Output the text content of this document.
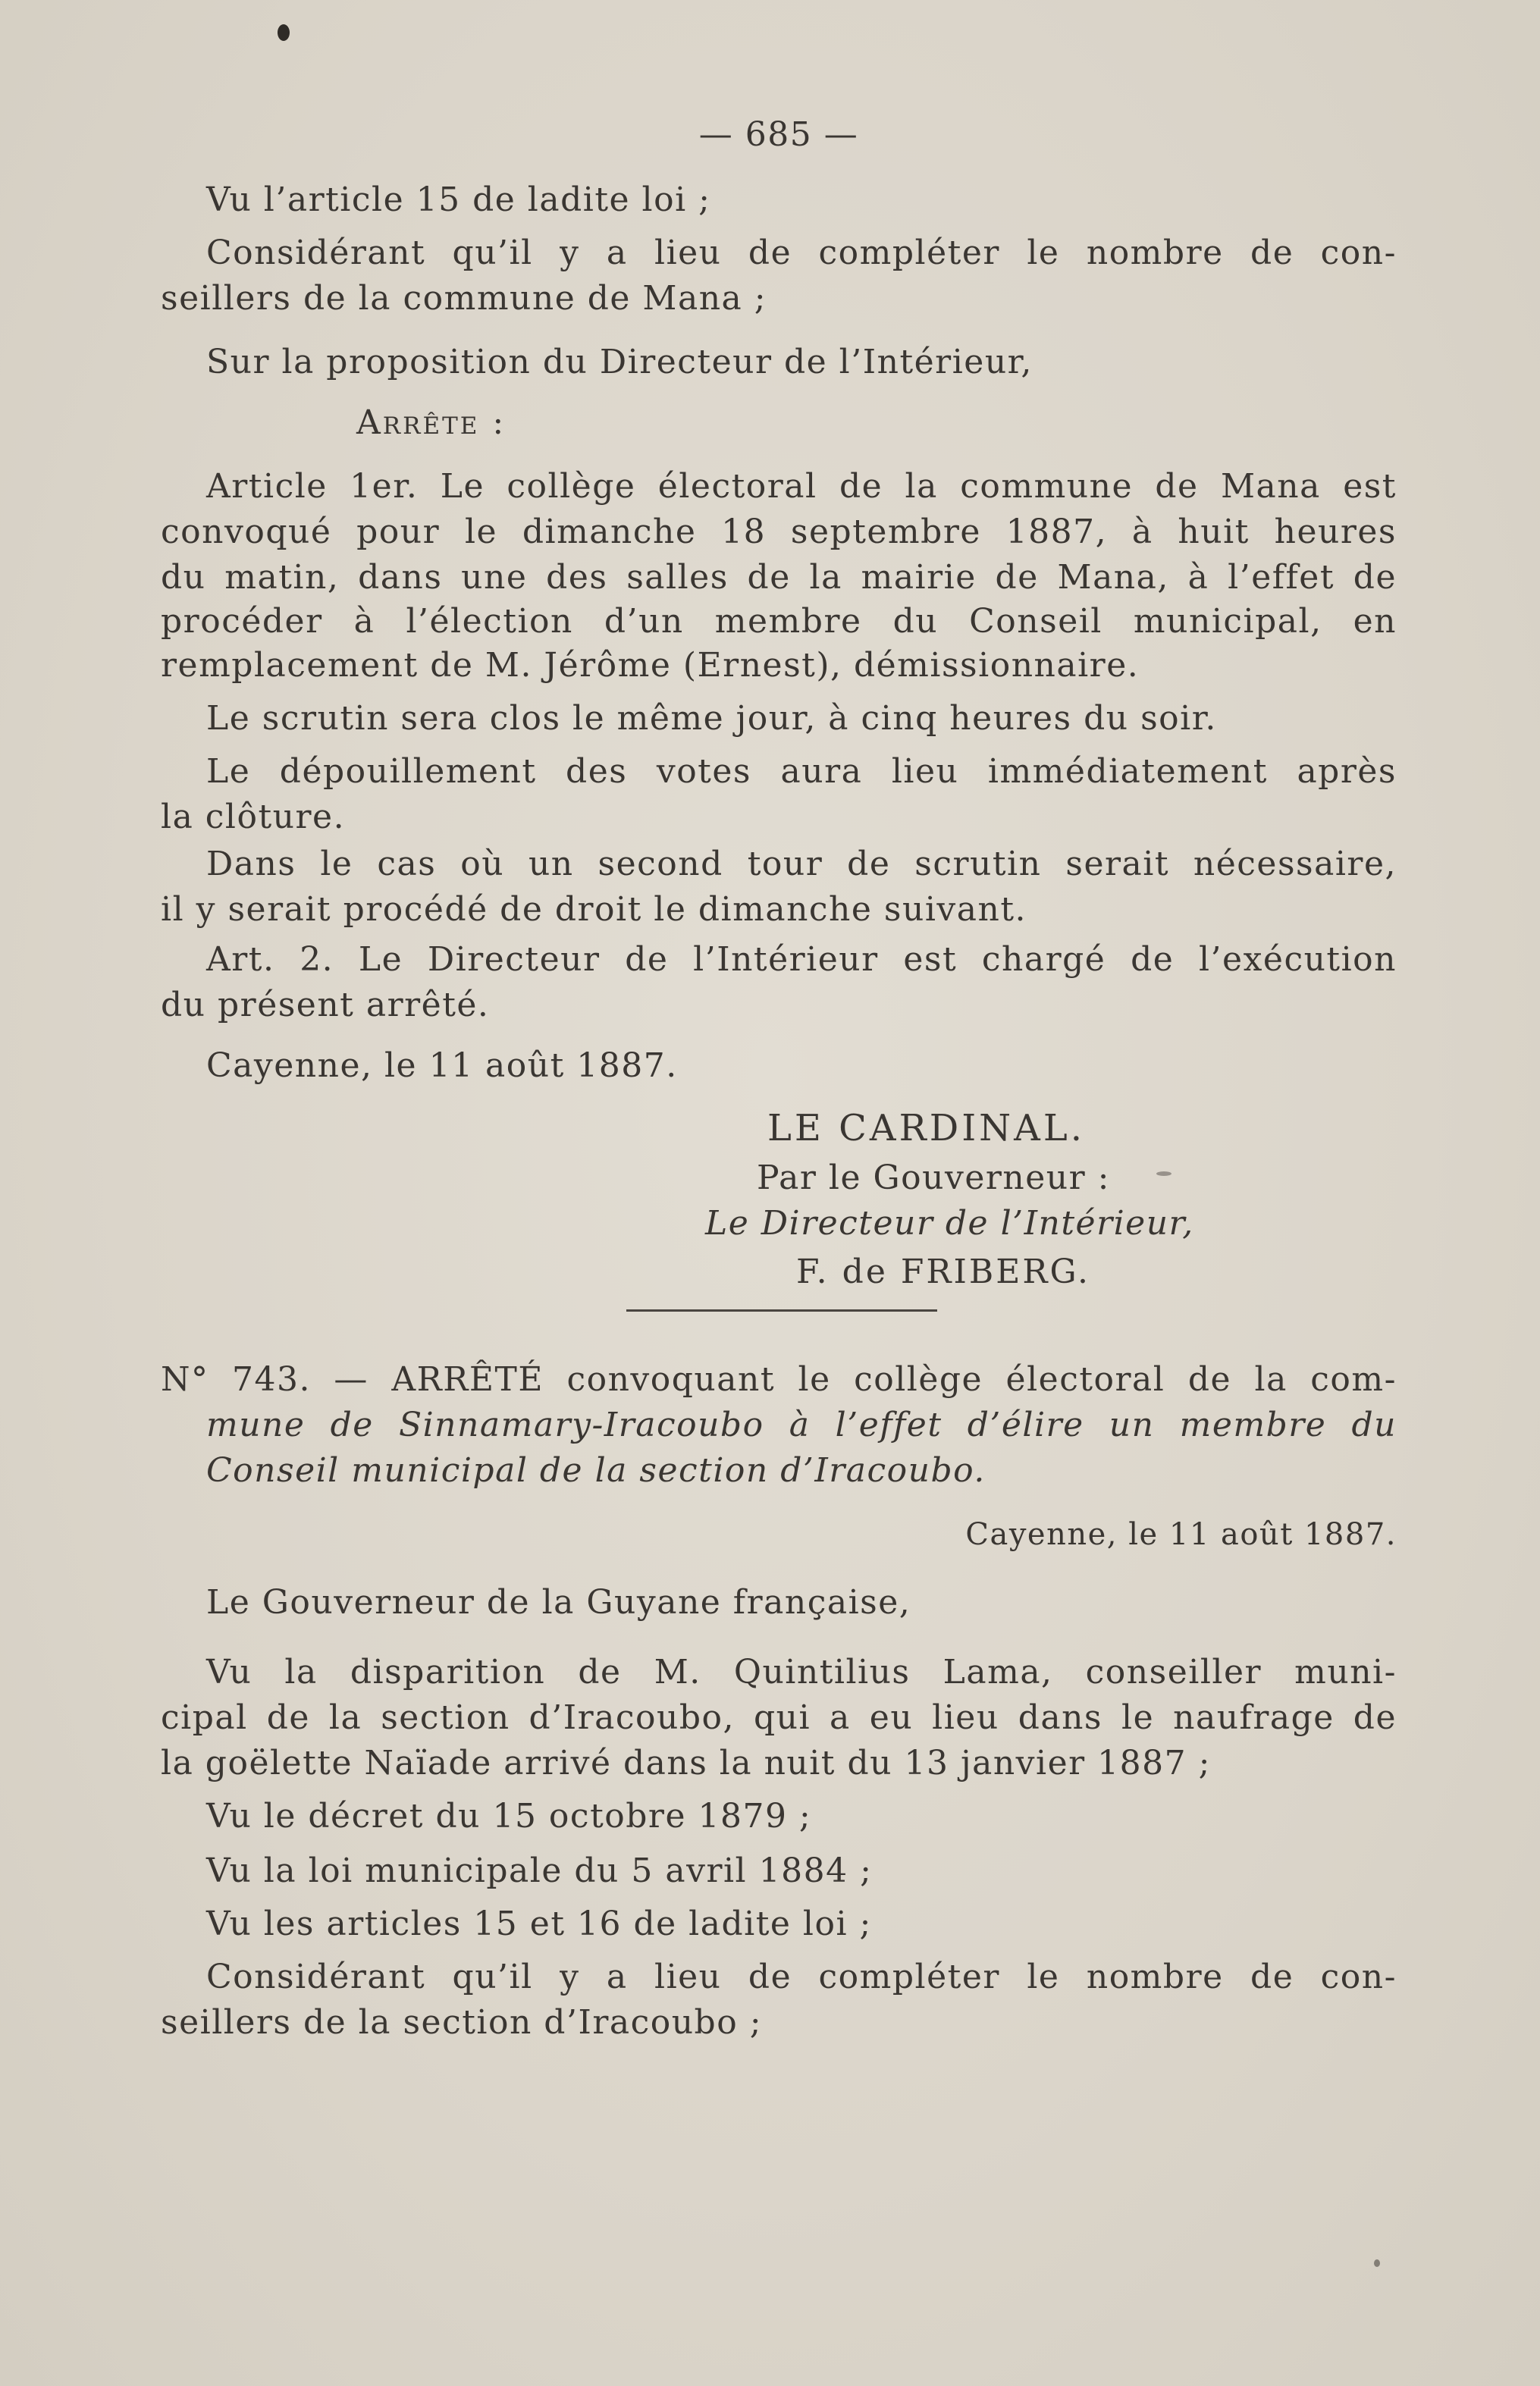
— 685 —
Vu l’article 15 de ladite loi ;
Considérant qu’il y a lieu de compléter le nombre de con-
seillers de la commune de Mana ;
Sur la proposition du Directeur de l’Intérieur,
Arrête :
Article 1er. Le collège électoral de la commune de Mana est
convoqué pour le dimanche 18 septembre 1887, à huit heures
du matin, dans une des salles de la mairie de Mana, à l’effet de
procéder à l’élection d’un membre du Conseil municipal, en
remplacement de M. Jérôme (Ernest), démissionnaire.
Le scrutin sera clos le même jour, à cinq heures du soir.
Le dépouillement des votes aura lieu immédiatement après
la clôture.
Dans le cas où un second tour de scrutin serait nécessaire,
il y serait procédé de droit le dimanche suivant.
Art. 2. Le Directeur de l’Intérieur est chargé de l’exécution
du présent arrêté.
Cayenne, le 11 août 1887.
LE CARDINAL.
Par le Gouverneur :
Le Directeur de l’Intérieur,
F. de FRIBERG.
N° 743. — ARRÊTÉ convoquant le collège électoral de la com-
mune de Sinnamary-Iracoubo à l’effet d’élire un membre du
Conseil municipal de la section d’Iracoubo.
Cayenne, le 11 août 1887.
Le Gouverneur de la Guyane française,
Vu la disparition de M. Quintilius Lama, conseiller muni-
cipal de la section d’Iracoubo, qui a eu lieu dans le naufrage de
la goëlette Naïade arrivé dans la nuit du 13 janvier 1887 ;
Vu le décret du 15 octobre 1879 ;
Vu la loi municipale du 5 avril 1884 ;
Vu les articles 15 et 16 de ladite loi ;
Considérant qu’il y a lieu de compléter le nombre de con-
seillers de la section d’Iracoubo ;
